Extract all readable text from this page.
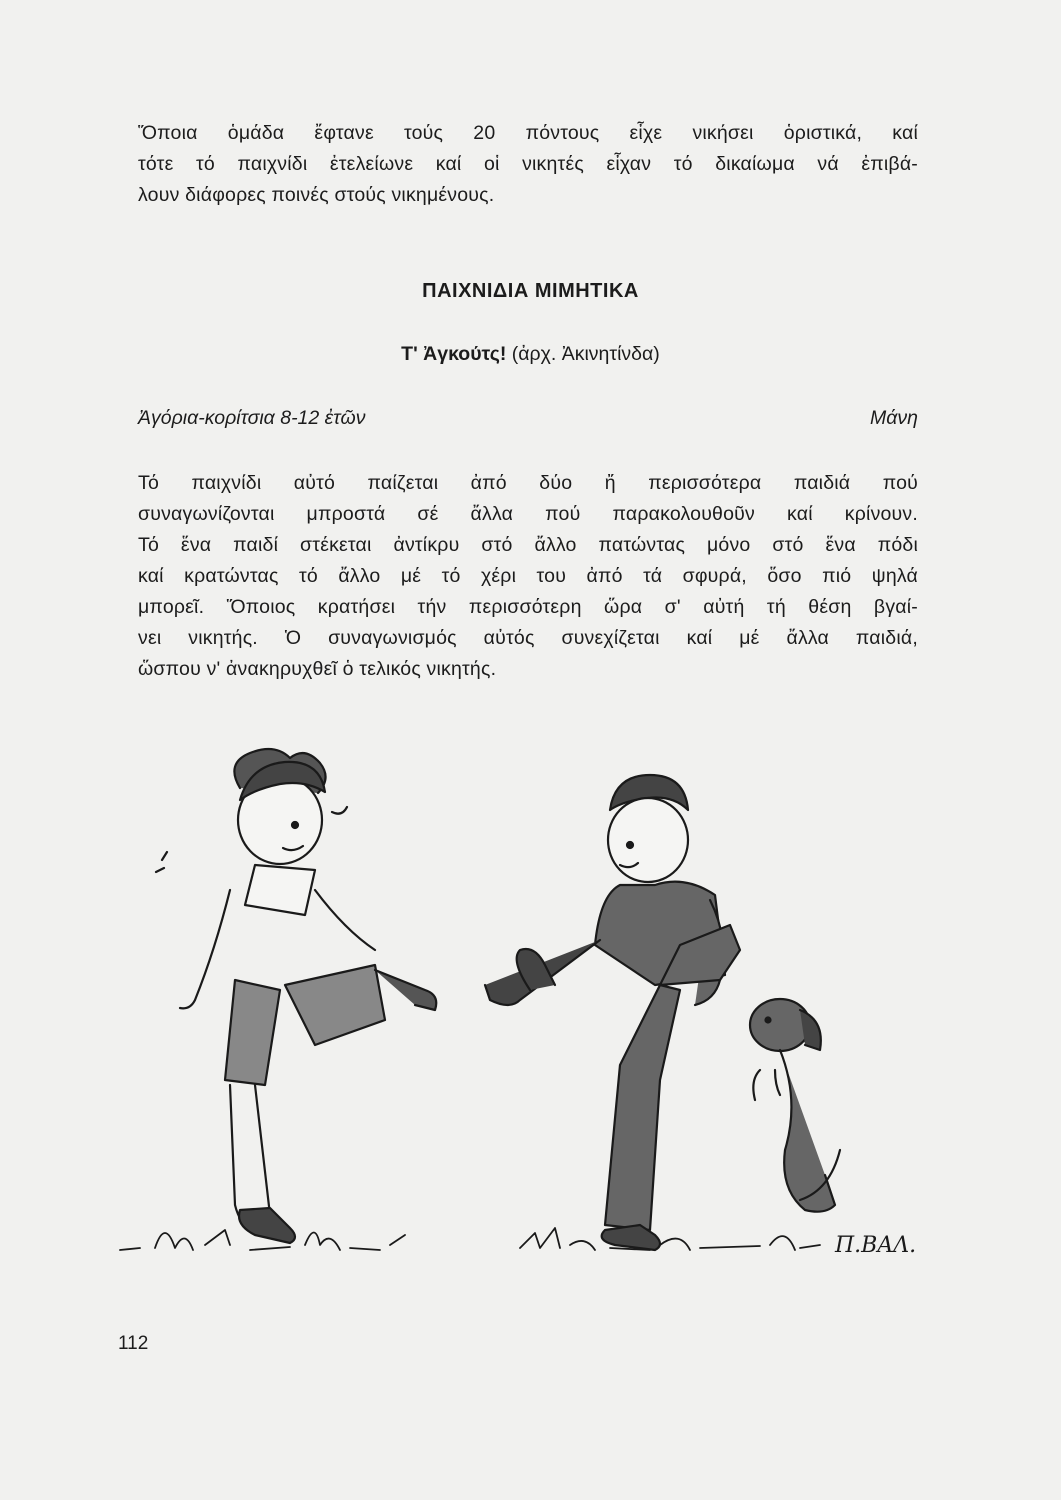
Ὅποια ὁμάδα ἔφτανε τούς 20 πόντους εἶχε νικήσει ὁριστικά, καί
τότε τό παιχνίδι ἐτελείωνε καί οἱ νικητές εἶχαν τό δικαίωμα νά ἐπιβά-
λουν διάφορες ποινές στούς νικημένους.
ΠΑΙΧΝΙΔΙΑ ΜΙΜΗΤΙΚΑ
Τ' Ἀγκούτς! (ἀρχ. Ἀκινητίνδα)
Ἀγόρια-κορίτσια 8-12 ἐτῶν	Μάνη
Τό παιχνίδι αὐτό παίζεται ἀπό δύο ἤ περισσότερα παιδιά πού
συναγωνίζονται μπροστά σέ ἄλλα πού παρακολουθοῦν καί κρίνουν.
Τό ἕνα παιδί στέκεται ἀντίκρυ στό ἄλλο πατώντας μόνο στό ἕνα πόδι
καί κρατώντας τό ἄλλο μέ τό χέρι του ἀπό τά σφυρά, ὅσο πιό ψηλά
μπορεῖ. Ὅποιος κρατήσει τήν περισσότερη ὥρα σ' αὐτή τή θέση βγαί-
νει νικητής. Ὁ συναγωνισμός αὐτός συνεχίζεται καί μέ ἄλλα παιδιά,
ὥσπου ν' ἀνακηρυχθεῖ ὁ τελικός νικητής.
Π.ΒΑΛ.
112
